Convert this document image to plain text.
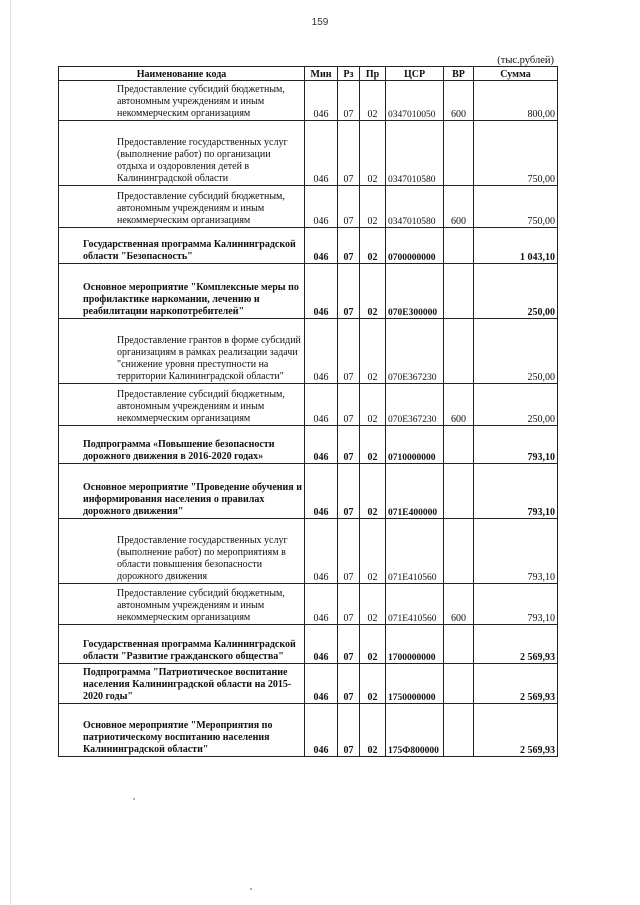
159
(тыс.рублей)
Наименование кода	Мин	Рз	Пр	ЦСР	ВР	Сумма

Предоставление субсидий бюджетным, автономным учреждениям и иным некоммерческим организациям	046	07	02	0347010050	600	800,00

Предоставление государственных услуг (выполнение работ) по организации отдыха и оздоровления детей в Калининградской области	046	07	02	0347010580		750,00

Предоставление субсидий бюджетным, автономным учреждениям и иным некоммерческим организациям	046	07	02	0347010580	600	750,00

Государственная программа Калининградской области "Безопасность"	046	07	02	0700000000		1 043,10

Основное мероприятие "Комплексные меры по профилактике наркомании, лечению и реабилитации наркопотребителей"	046	07	02	070Е300000		250,00

Предоставление грантов в форме субсидий организациям в рамках реализации задачи "снижение уровня преступности на территории Калининградской области"	046	07	02	070Е367230		250,00

Предоставление субсидий бюджетным, автономным учреждениям и иным некоммерческим организациям	046	07	02	070Е367230	600	250,00

Подпрограмма «Повышение безопасности дорожного движения в 2016-2020 годах»	046	07	02	0710000000		793,10

Основное мероприятие "Проведение обучения и информирования населения о правилах дорожного движения"	046	07	02	071Е400000		793,10

Предоставление государственных услуг (выполнение работ) по мероприятиям в области повышения безопасности дорожного движения	046	07	02	071Е410560		793,10

Предоставление субсидий бюджетным, автономным учреждениям и иным некоммерческим организациям	046	07	02	071Е410560	600	793,10

Государственная программа Калининградской области "Развитие гражданского общества"	046	07	02	1700000000		2 569,93

Подпрограмма "Патриотическое воспитание населения Калининградской области на 2015-2020 годы"	046	07	02	1750000000		2 569,93

Основное мероприятие "Мероприятия по патриотическому воспитанию населения Калининградской области"	046	07	02	175Ф800000		2 569,93
